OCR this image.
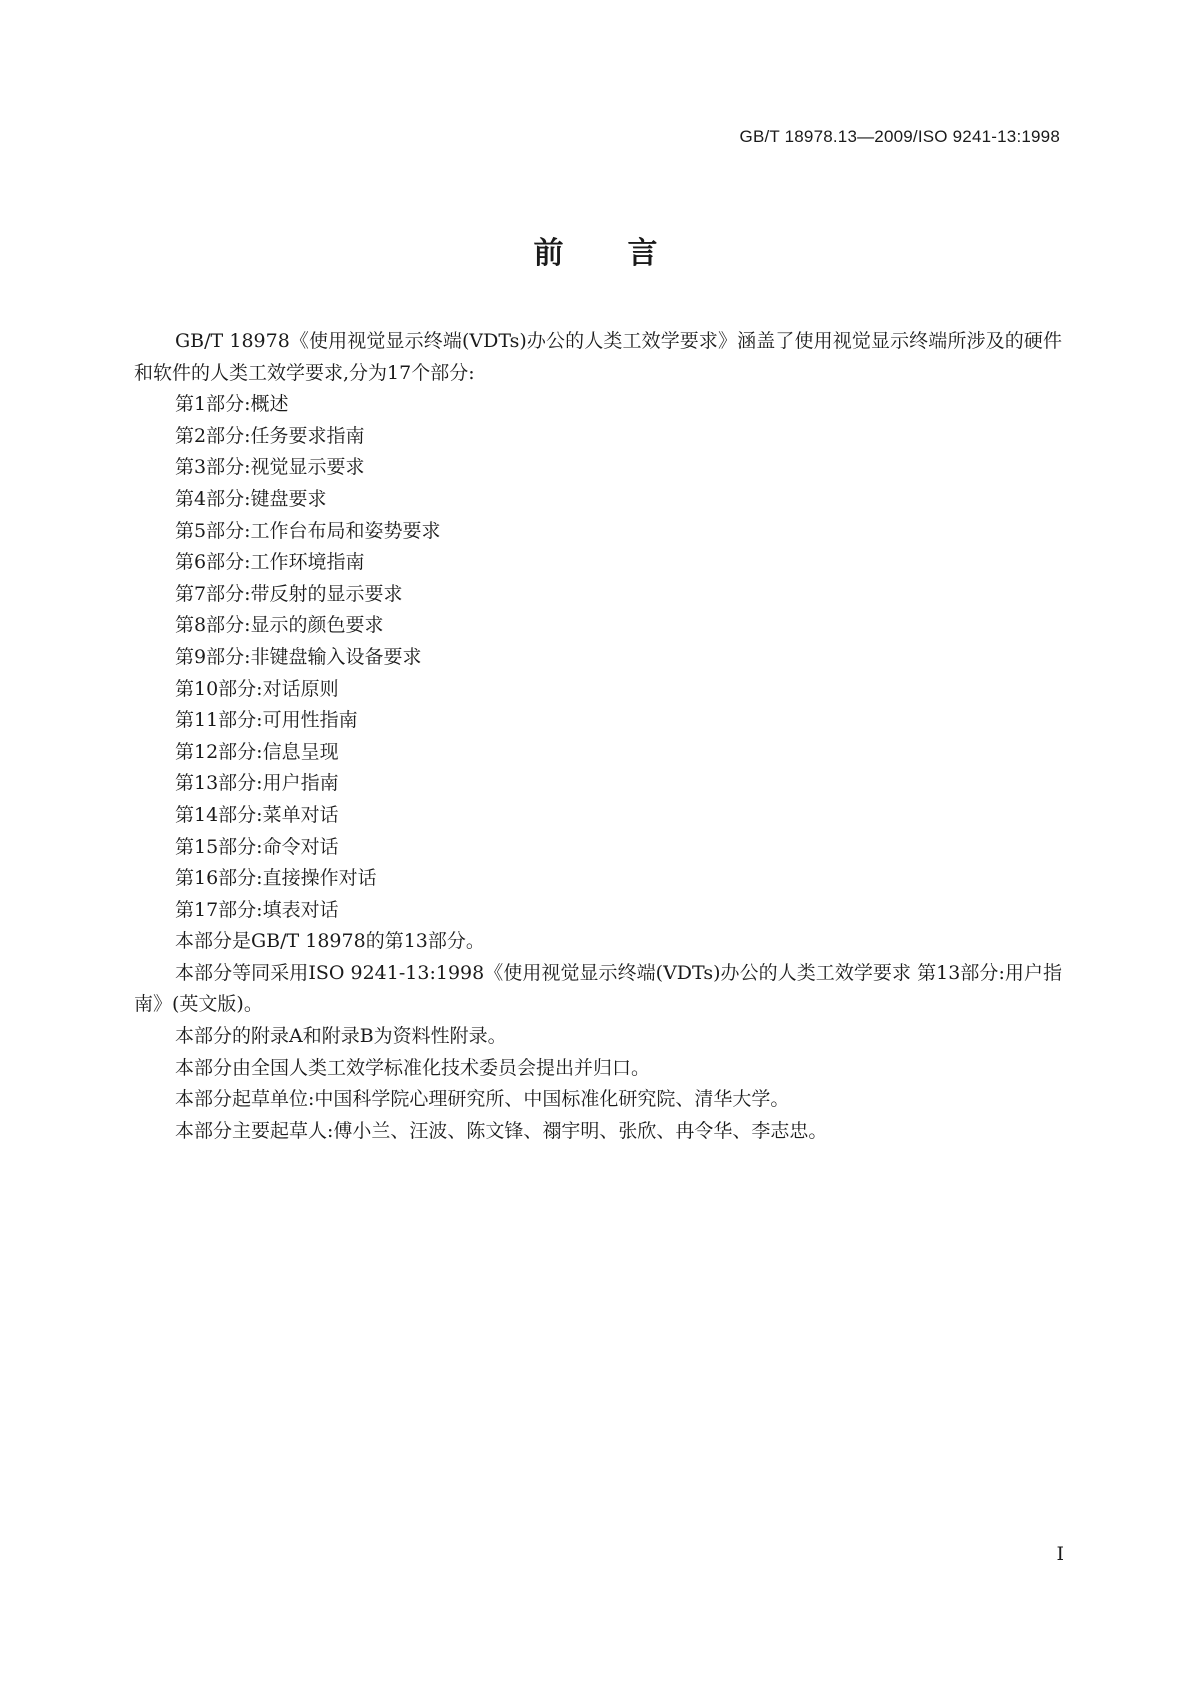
GB/T 18978.13—2009/ISO 9241-13:1998
前言

GB/T 18978《使用视觉显示终端(VDTs)办公的人类工效学要求》涵盖了使用视觉显示终端所涉及的硬件和软件的人类工效学要求,分为17个部分:

第1部分:概述

第2部分:任务要求指南

第3部分:视觉显示要求

第4部分:键盘要求

第5部分:工作台布局和姿势要求

第6部分:工作环境指南

第7部分:带反射的显示要求

第8部分:显示的颜色要求

第9部分:非键盘输入设备要求

第10部分:对话原则

第11部分:可用性指南

第12部分:信息呈现

第13部分:用户指南

第14部分:菜单对话

第15部分:命令对话

第16部分:直接操作对话

第17部分:填表对话

本部分是GB/T 18978的第13部分。

本部分等同采用ISO 9241-13:1998《使用视觉显示终端(VDTs)办公的人类工效学要求 第13部分:用户指南》(英文版)。

本部分的附录A和附录B为资料性附录。

本部分由全国人类工效学标准化技术委员会提出并归口。

本部分起草单位:中国科学院心理研究所、中国标准化研究院、清华大学。

本部分主要起草人:傅小兰、汪波、陈文锋、禤宇明、张欣、冉令华、李志忠。

I
